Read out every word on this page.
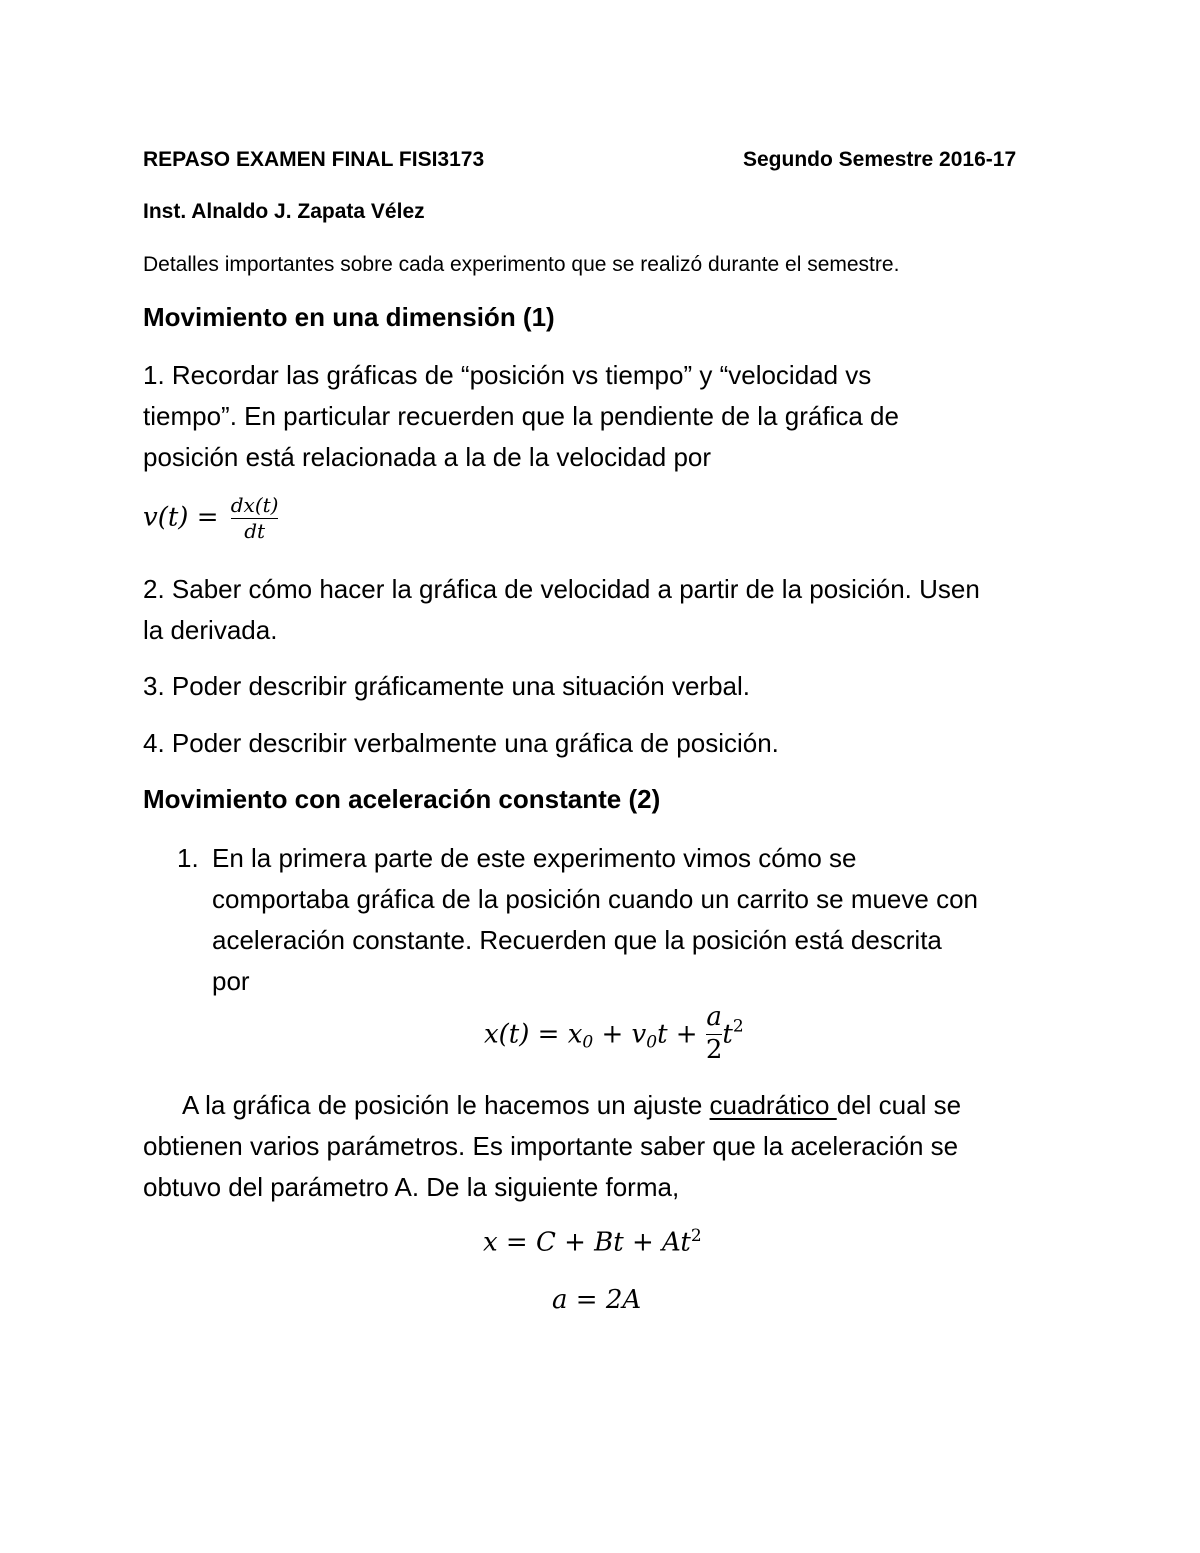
REPASO EXAMEN FINAL FISI3173	Segundo Semestre 2016-17
Inst. Alnaldo J. Zapata Vélez
Detalles importantes sobre cada experimento que se realizó durante el semestre.
Movimiento en una dimensión (1)
1. Recordar las gráficas de “posición vs tiempo” y “velocidad vs
tiempo”. En particular recuerden que la pendiente de la gráfica de
posición está relacionada a la de la velocidad por
$v(t) = \frac{dx(t)}{dt}$
2. Saber cómo hacer la gráfica de velocidad a partir de la posición. Usen
la derivada.
3. Poder describir gráficamente una situación verbal.
4. Poder describir verbalmente una gráfica de posición.
Movimiento con aceleración constante (2)
1. En la primera parte de este experimento vimos cómo se
comportaba gráfica de la posición cuando un carrito se mueve con
aceleración constante. Recuerden que la posición está descrita
por
$x(t) = x_0 + v_0t + \frac{a}{2} t^2$
A la gráfica de posición le hacemos un ajuste cuadrático del cual se
obtienen varios parámetros. Es importante saber que la aceleración se
obtuvo del parámetro A. De la siguiente forma,
$x = C + Bt + At^2$
a = 2A
